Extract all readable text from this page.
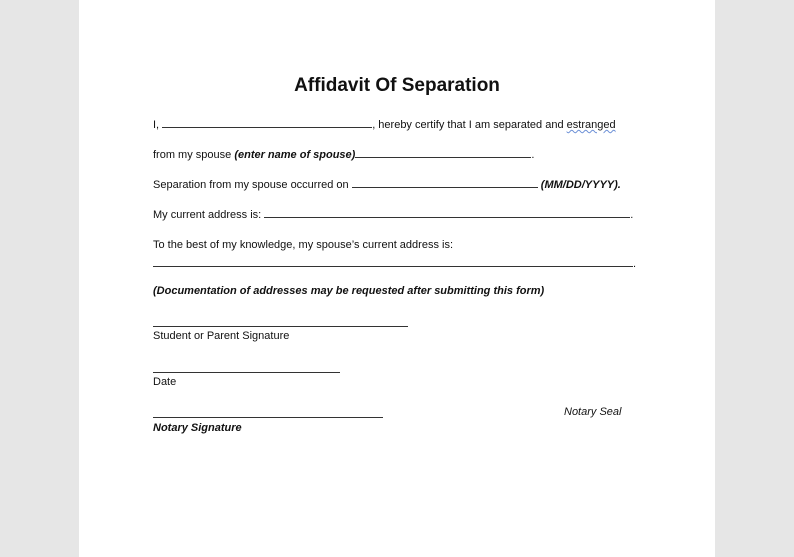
Affidavit Of Separation
I,	, hereby certify that I am separated and estranged
from my spouse (enter name of spouse)	.
Separation from my spouse occurred on	(MM/DD/YYYY).
My current address is:	.
To the best of my knowledge, my spouse’s current address is:
.
(Documentation of addresses may be requested after submitting this form)
Student or Parent Signature
Date
Notary Seal
Notary Signature
